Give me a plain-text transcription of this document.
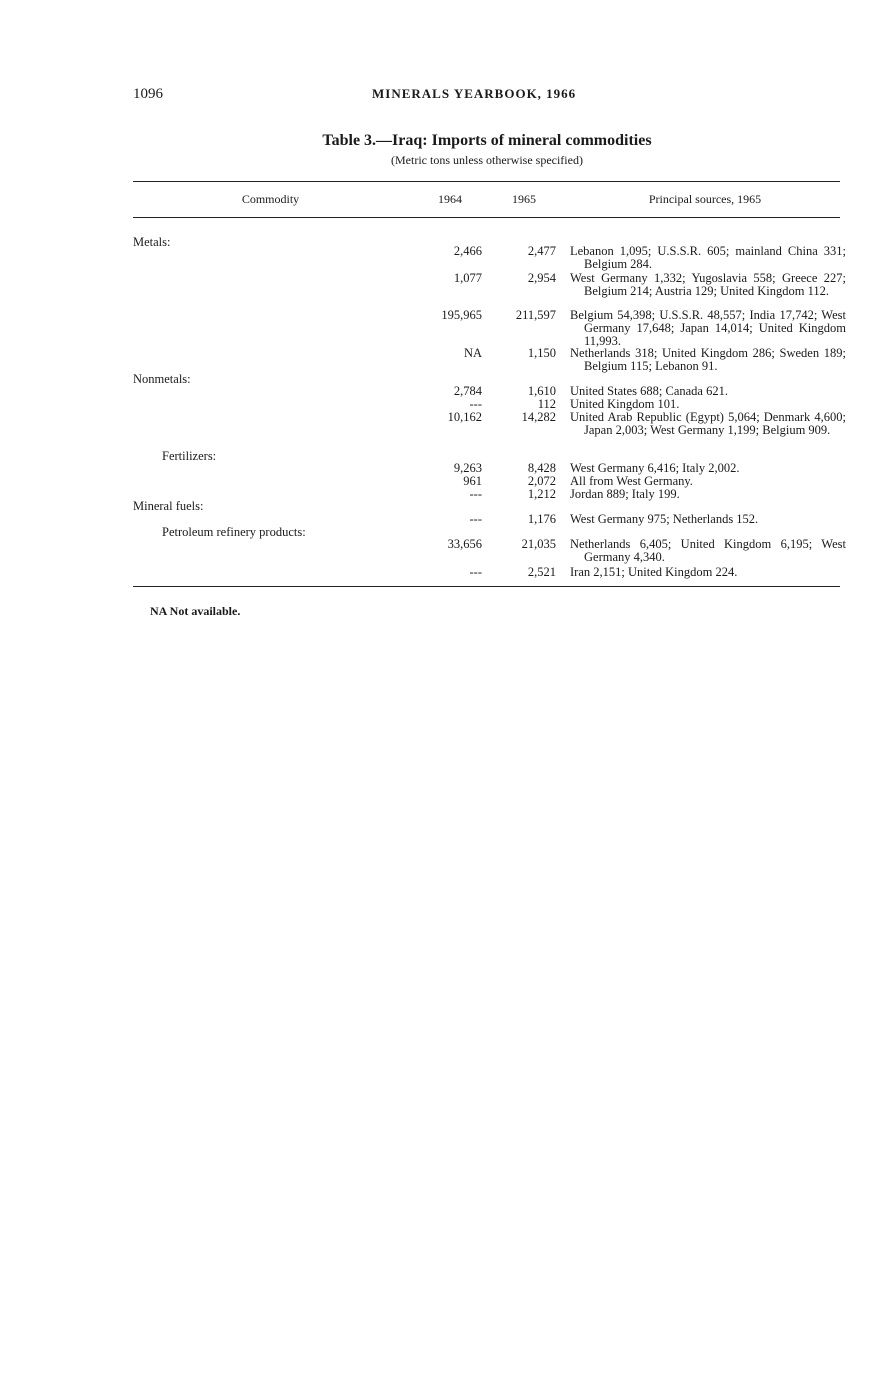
1096	MINERALS YEARBOOK, 1966
Table 3.—Iraq: Imports of mineral commodities
(Metric tons unless otherwise specified)
Commodity	1964	1965	Principal sources, 1965
Metals:
2,466	2,477 Lebanon 1,095; U.S.S.R. 605; mainland China 331; Belgium 284.
1,077	2,954 West Germany 1,332; Yugoslavia 558; Greece 227; Belgium 214; Austria 129; United Kingdom 112.
195,965	211,597 Belgium 54,398; U.S.S.R. 48,557; India 17,742; West Germany 17,648; Japan 14,014; United Kingdom 11,993.
NA	1,150 Netherlands 318; United Kingdom 286; Sweden 189; Belgium 115; Lebanon 91.
Nonmetals:
2,784	1,610 United States 688; Canada 621.
---	112 United Kingdom 101.
10,162	14,282 United Arab Republic (Egypt) 5,064; Denmark 4,600; Japan 2,003; West Germany 1,199; Belgium 909.
Fertilizers:
9,263	8,428 West Germany 6,416; Italy 2,002.
961	2,072 All from West Germany.
---	1,212 Jordan 889; Italy 199.
Mineral fuels:
---	1,176 West Germany 975; Netherlands 152.
Petroleum refinery products:
33,656	21,035 Netherlands 6,405; United Kingdom 6,195; West Germany 4,340.
---	2,521 Iran 2,151; United Kingdom 224.
NA Not available.
